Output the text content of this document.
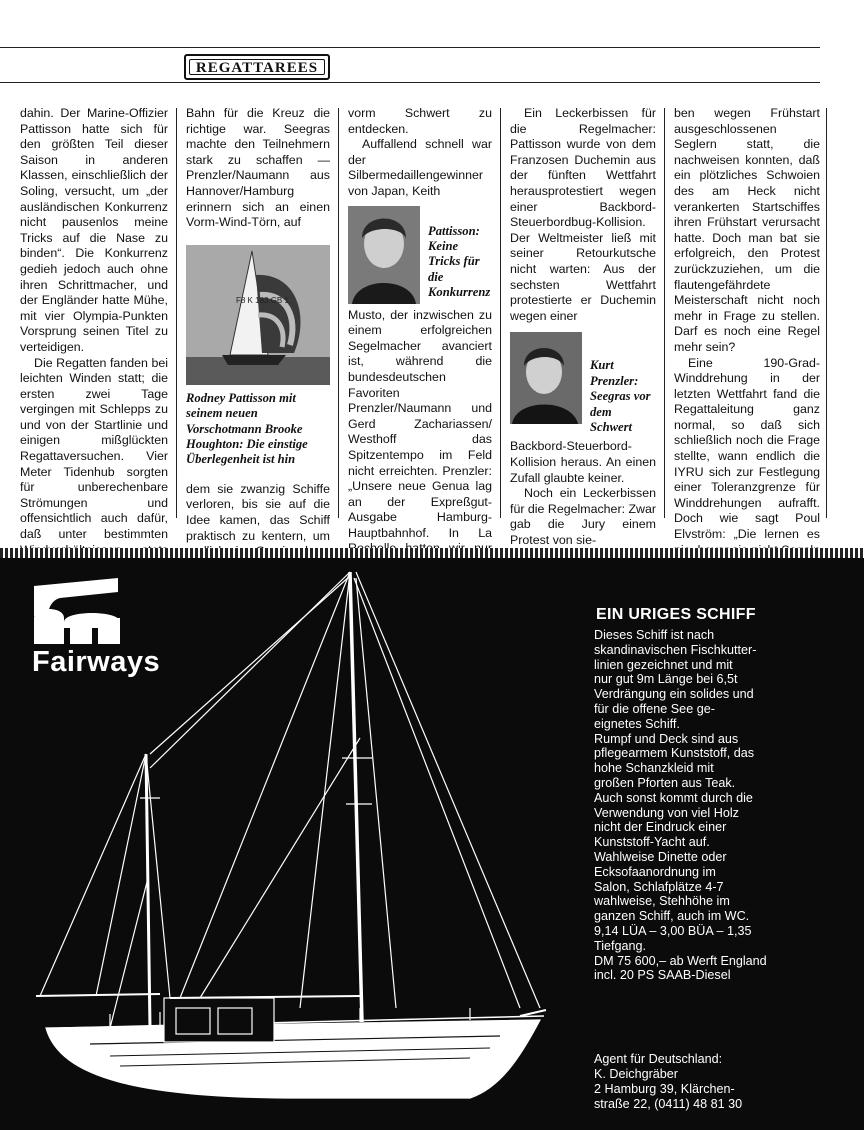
REGATTAREES

dahin. Der Marine-Offizier Pattisson hatte sich für den größten Teil dieser Saison in anderen Klassen, einschließlich der Soling, versucht, um „der ausländischen Konkurrenz nicht pausenlos meine Tricks auf die Nase zu binden“. Die Konkurrenz gedieh jedoch auch ohne ihren Schrittmacher, und der Engländer hatte Mühe, mit vier Olympia-Punkten Vorsprung seinen Titel zu verteidigen.

Die Regatten fanden bei leichten Winden statt; die ersten zwei Tage vergingen mit Schlepps zu und von der Startlinie und einigen mißglückten Regattaversuchen. Vier Meter Tidenhub sorgten für unberechenbare Strömungen und offensichtlich auch dafür, daß unter bestimmten

Bahn für die Kreuz die richtige war. Seegras machte den Teilnehmern stark zu schaffen — Prenzler/Naumann aus Hannover/Hamburg erinnern sich an einen Vorm-Wind-Törn, auf

F8 K 183 GB 1
Rodney Pattisson mit seinem neuen Vorschotmann Brooke Houghton: Die einstige Überlegenheit ist hin

dem sie zwanzig Schiffe verloren, bis sie auf die Idee kamen, das Schiff praktisch zu kentern, um

vorm Schwert zu entdecken.

Auffallend schnell war der Silbermedaillengewinner von Japan, Keith

Pattisson: Keine Tricks für die Konkurrenz

Musto, der inzwischen zu einem erfolgreichen Segelmacher avanciert ist, während die bundesdeutschen Favoriten Prenzler/Naumann und Gerd Zachariassen/ Westhoff das Spitzentempo im Feld nicht erreichten. Prenzler: „Unsere neue Genua lag an der Expreßgut-Ausgabe Hamburg-Hauptbahnhof. In La

Ein Leckerbissen für die Regelmacher: Pattisson wurde von dem Franzosen Duchemin aus der fünften Wettfahrt herausprotestiert wegen einer Backbord-Steuerbordbug-Kollision. Der Weltmeister ließ mit seiner Retourkutsche nicht warten: Aus der sechsten Wettfahrt protestierte er Duchemin wegen einer

Kurt Prenzler: Seegras vor dem Schwert

Backbord-Steuerbord-Kollision heraus. An einen Zufall glaubte keiner.

Noch ein Leckerbissen für die Regelmacher: Zwar gab die Jury einem Protest von sie-

ben wegen Frühstart ausgeschlossenen Seglern statt, die nachweisen konnten, daß ein plötzliches Schwoien des am Heck nicht verankerten Startschiffes ihren Frühstart verursacht hatte. Doch man bat sie erfolgreich, den Protest zurückzuziehen, um die flautengefährdete Meisterschaft nicht noch mehr in Frage zu stellen. Darf es noch eine Regel mehr sein?

Eine 190-Grad-Winddrehung in der letzten Wettfahrt fand die Regattaleitung ganz normal, so daß sich schließlich noch die Frage stellte, wann endlich die IYRU sich zur Festlegung einer Toleranzgrenze für Winddrehungen aufrafft. Doch wie sagt Poul Elvström: „Die lernen es

Fairways
EIN URIGES SCHIFF
Dieses Schiff ist nach
skandinavischen Fischkutter-
linien gezeichnet und mit
nur gut 9m Länge bei 6,5t
Verdrängung ein solides und
für die offene See ge-
eignetes Schiff.
Rumpf und Deck sind aus
pflegearmem Kunststoff, das
hohe Schanzkleid mit
großen Pforten aus Teak.
Auch sonst kommt durch die
Verwendung von viel Holz
nicht der Eindruck einer
Kunststoff-Yacht auf.
Wahlweise Dinette oder
Ecksofaanordnung im
Salon, Schlafplätze 4-7
wahlweise, Stehhöhe im
ganzen Schiff, auch im WC.
9,14 LÜA – 3,00 BÜA – 1,35
Tiefgang.
DM 75 600,– ab Werft England
incl. 20 PS SAAB-Diesel
Agent für Deutschland:
K. Deichgräber
2 Hamburg 39, Klärchen-
straße 22, (0411) 48 81 30
